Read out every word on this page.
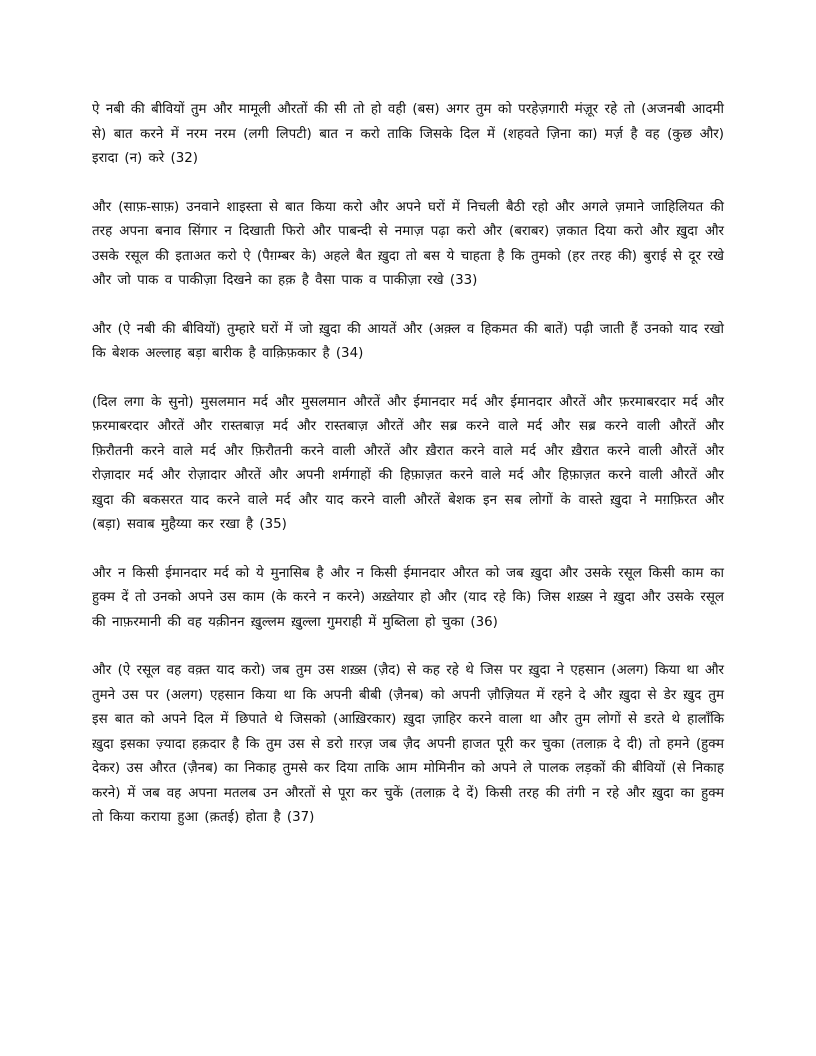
ऐ नबी की बीवियों तुम और मामूली औरतों की सी तो हो वही (बस) अगर तुम को परहेज़गारी मंज़ूर रहे तो (अजनबी आदमी से) बात करने में नरम नरम (लगी लिपटी) बात न करो ताकि जिसके दिल में (शहवते ज़िना का) मर्ज़ है वह (कुछ और) इरादा (न) करे (32)

और (साफ़-साफ़) उनवाने शाइस्ता से बात किया करो और अपने घरों में निचली बैठी रहो और अगले ज़माने जाहिलियत की तरह अपना बनाव सिंगार न दिखाती फिरो और पाबन्दी से नमाज़ पढ़ा करो और (बराबर) ज़कात दिया करो और ख़ुदा और उसके रसूल की इताअत करो ऐ (पैग़म्बर के) अहले बैत ख़ुदा तो बस ये चाहता है कि तुमको (हर तरह की) बुराई से दूर रखे और जो पाक व पाकीज़ा दिखने का हक़ है वैसा पाक व पाकीज़ा रखे (33)

और (ऐ नबी की बीवियों) तुम्हारे घरों में जो ख़ुदा की आयतें और (अक़्ल व हिकमत की बातें) पढ़ी जाती हैं उनको याद रखो कि बेशक अल्लाह बड़ा बारीक है वाक़िफ़कार है (34)

(दिल लगा के सुनो) मुसलमान मर्द और मुसलमान औरतें और ईमानदार मर्द और ईमानदार औरतें और फ़रमाबरदार मर्द और फ़रमाबरदार औरतें और रास्तबाज़ मर्द और रास्तबाज़ औरतें और सब्र करने वाले मर्द और सब्र करने वाली औरतें और फ़िरौतनी करने वाले मर्द और फ़िरौतनी करने वाली औरतें और ख़ैरात करने वाले मर्द और ख़ैरात करने वाली औरतें और रोज़ादार मर्द और रोज़ादार औरतें और अपनी शर्मगाहों की हिफ़ाज़त करने वाले मर्द और हिफ़ाज़त करने वाली औरतें और ख़ुदा की बकसरत याद करने वाले मर्द और याद करने वाली औरतें बेशक इन सब लोगों के वास्ते ख़ुदा ने मग़फ़िरत और (बड़ा) सवाब मुहैय्या कर रखा है (35)

और न किसी ईमानदार मर्द को ये मुनासिब है और न किसी ईमानदार औरत को जब ख़ुदा और उसके रसूल किसी काम का हुक्म दें तो उनको अपने उस काम (के करने न करने) अख़्तेयार हो और (याद रहे कि) जिस शख़्स ने ख़ुदा और उसके रसूल की नाफ़रमानी की वह यक़ीनन ख़ुल्लम ख़ुल्ला गुमराही में मुब्तिला हो चुका (36)

और (ऐ रसूल वह वक़्त याद करो) जब तुम उस शख़्स (ज़ैद) से कह रहे थे जिस पर ख़ुदा ने एहसान (अलग) किया था और तुमने उस पर (अलग) एहसान किया था कि अपनी बीबी (ज़ैनब) को अपनी ज़ौज़ियत में रहने दे और ख़ुदा से डेर ख़ुद तुम इस बात को अपने दिल में छिपाते थे जिसको (आख़िरकार) ख़ुदा ज़ाहिर करने वाला था और तुम लोगों से डरते थे हालाँकि ख़ुदा इसका ज़्यादा हक़दार है कि तुम उस से डरो ग़रज़ जब ज़ैद अपनी हाजत पूरी कर चुका (तलाक़ दे दी) तो हमने (हुक्म देकर) उस औरत (ज़ैनब) का निकाह तुमसे कर दिया ताकि आम मोमिनीन को अपने ले पालक लड़कों की बीवियों (से निकाह करने) में जब वह अपना मतलब उन औरतों से पूरा कर चुकें (तलाक़ दे दें) किसी तरह की तंगी न रहे और ख़ुदा का हुक्म तो किया कराया हुआ (क़तई) होता है (37)
